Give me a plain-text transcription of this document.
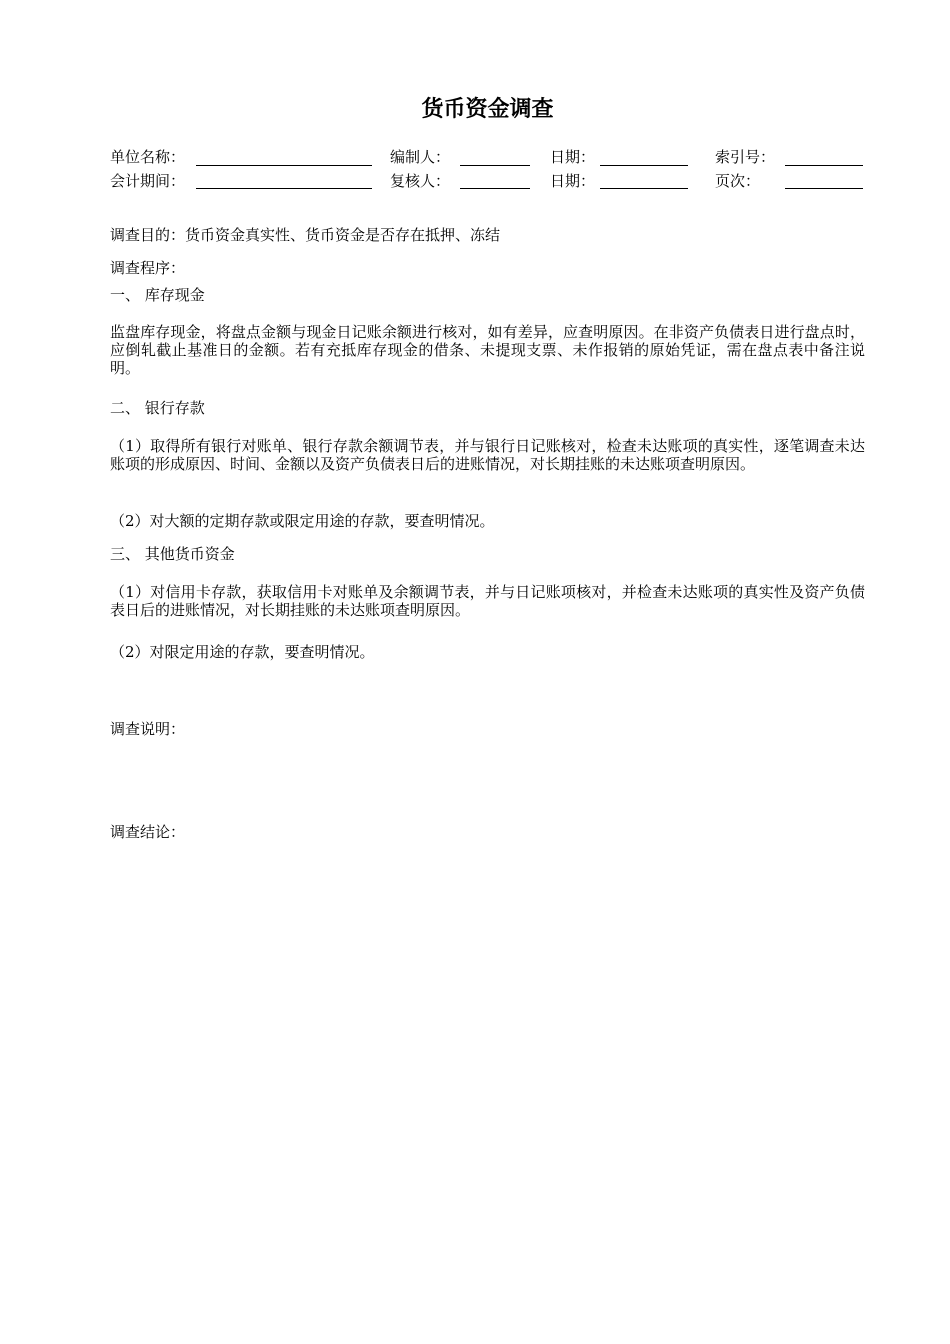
货币资金调查
单位名称：	编制人：	日期：	索引号：
会计期间：	复核人：	日期：	页次：
调查目的：货币资金真实性、货币资金是否存在抵押、冻结
调查程序：
一、 库存现金
监盘库存现金，将盘点金额与现金日记账余额进行核对，如有差异，应查明原因。在非资产负债表日进行盘点时，应倒轧截止基准日的金额。若有充抵库存现金的借条、未提现支票、未作报销的原始凭证，需在盘点表中备注说明。
二、 银行存款
（1）取得所有银行对账单、银行存款余额调节表，并与银行日记账核对，检查未达账项的真实性，逐笔调查未达账项的形成原因、时间、金额以及资产负债表日后的进账情况，对长期挂账的未达账项查明原因。
（2）对大额的定期存款或限定用途的存款，要查明情况。
三、 其他货币资金
（1）对信用卡存款，获取信用卡对账单及余额调节表，并与日记账项核对，并检查未达账项的真实性及资产负债表日后的进账情况，对长期挂账的未达账项查明原因。
（2）对限定用途的存款，要查明情况。
调查说明：
调查结论：
